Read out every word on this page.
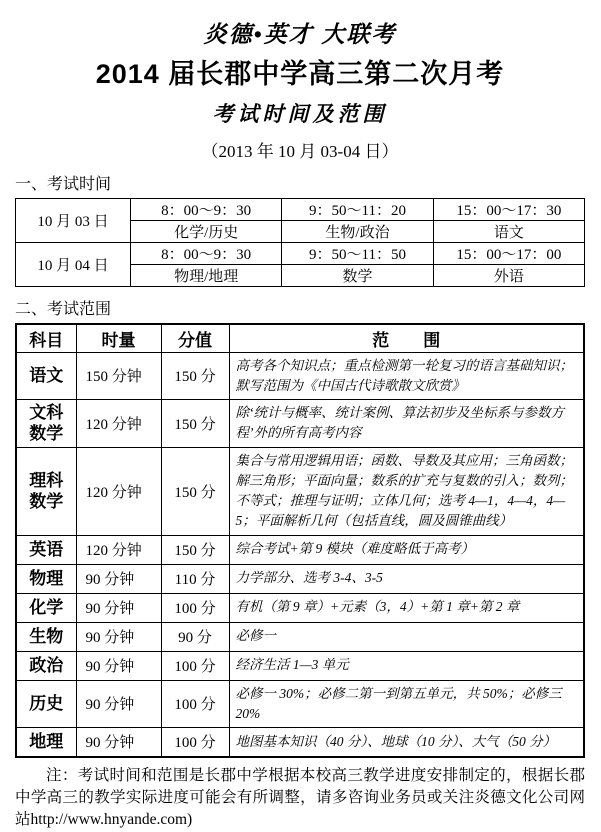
炎德•英才 大联考
2014 届长郡中学高三第二次月考
考试时间及范围
（2013 年 10 月 03-04 日）
一、考试时间
10 月 03 日	8：00～9：30	9：50～11：20	15：00～17：30
	化学/历史	生物/政治	语文
10 月 04 日	8：00～9：30	9：50～11：50	15：00～17：00
	物理/地理	数学	外语
二、考试范围
科目	时量	分值	范　　围
语文	150 分钟	150 分	高考各个知识点；重点检测第一轮复习的语言基础知识；默写范围为《中国古代诗歌散文欣赏》
文科数学	120 分钟	150 分	除‘统计与概率、统计案例、算法初步及坐标系与参数方程’外的所有高考内容
理科数学	120 分钟	150 分	集合与常用逻辑用语；函数、导数及其应用；三角函数；解三角形；平面向量；数系的扩充与复数的引入；数列；不等式；推理与证明；立体几何；选考 4—1，4—4，4—5；平面解析几何（包括直线，圆及圆锥曲线）
英语	120 分钟	150 分	综合考试+第 9 模块（难度略低于高考）
物理	90 分钟	110 分	力学部分、选考 3-4、3-5
化学	90 分钟	100 分	有机（第 9 章）+元素（3，4）+第 1 章+第 2 章
生物	90 分钟	90 分	必修一
政治	90 分钟	100 分	经济生活 1—3 单元
历史	90 分钟	100 分	必修一 30%；必修二第一到第五单元，共 50%；必修三 20%
地理	90 分钟	100 分	地图基本知识（40 分）、地球（10 分）、大气（50 分）

注：考试时间和范围是长郡中学根据本校高三教学进度安排制定的，根据长郡中学高三的教学实际进度可能会有所调整，请多咨询业务员或关注炎德文化公司网站http://www.hnyande.com)
